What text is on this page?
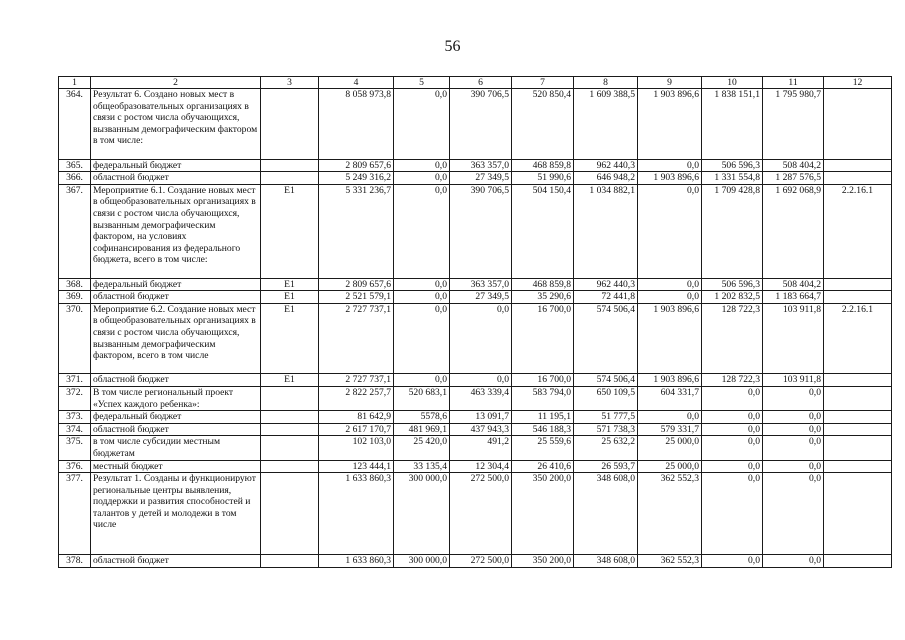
56
1	2	3	4	5	6	7	8	9	10	11	12
364.	Результат 6. Создано новых мест в общеобразовательных организациях в связи с ростом числа обучающихся, вызванным демографическим фактором в том числе:		8 058 973,8	0,0	390 706,5	520 850,4	1 609 388,5	1 903 896,6	1 838 151,1	1 795 980,7	
365.	федеральный бюджет		2 809 657,6	0,0	363 357,0	468 859,8	962 440,3	0,0	506 596,3	508 404,2	
366.	областной бюджет		5 249 316,2	0,0	27 349,5	51 990,6	646 948,2	1 903 896,6	1 331 554,8	1 287 576,5	
367.	Мероприятие 6.1. Создание новых мест в общеобразовательных организациях в связи с ростом числа обучающихся, вызванным демографическим фактором, на условиях софинансирования из федерального бюджета, всего в том числе:	Е1	5 331 236,7	0,0	390 706,5	504 150,4	1 034 882,1	0,0	1 709 428,8	1 692 068,9	2.2.16.1
368.	федеральный бюджет	Е1	2 809 657,6	0,0	363 357,0	468 859,8	962 440,3	0,0	506 596,3	508 404,2	
369.	областной бюджет	Е1	2 521 579,1	0,0	27 349,5	35 290,6	72 441,8	0,0	1 202 832,5	1 183 664,7	
370.	Мероприятие 6.2. Создание новых мест в общеобразовательных организациях в связи с ростом числа обучающихся, вызванным демографическим фактором, всего в том числе	Е1	2 727 737,1	0,0	0,0	16 700,0	574 506,4	1 903 896,6	128 722,3	103 911,8	2.2.16.1
371.	областной бюджет	Е1	2 727 737,1	0,0	0,0	16 700,0	574 506,4	1 903 896,6	128 722,3	103 911,8	
372.	В том числе региональный проект «Успех каждого ребенка»:		2 822 257,7	520 683,1	463 339,4	583 794,0	650 109,5	604 331,7	0,0	0,0	
373.	федеральный бюджет		81 642,9	5578,6	13 091,7	11 195,1	51 777,5	0,0	0,0	0,0	
374.	областной бюджет		2 617 170,7	481 969,1	437 943,3	546 188,3	571 738,3	579 331,7	0,0	0,0	
375.	в том числе субсидии местным бюджетам		102 103,0	25 420,0	491,2	25 559,6	25 632,2	25 000,0	0,0	0,0	
376.	местный бюджет		123 444,1	33 135,4	12 304,4	26 410,6	26 593,7	25 000,0	0,0	0,0	
377.	Результат 1. Созданы и функционируют региональные центры выявления, поддержки и развития способностей и талантов у детей и молодежи в том числе		1 633 860,3	300 000,0	272 500,0	350 200,0	348 608,0	362 552,3	0,0	0,0	
378.	областной бюджет		1 633 860,3	300 000,0	272 500,0	350 200,0	348 608,0	362 552,3	0,0	0,0	
